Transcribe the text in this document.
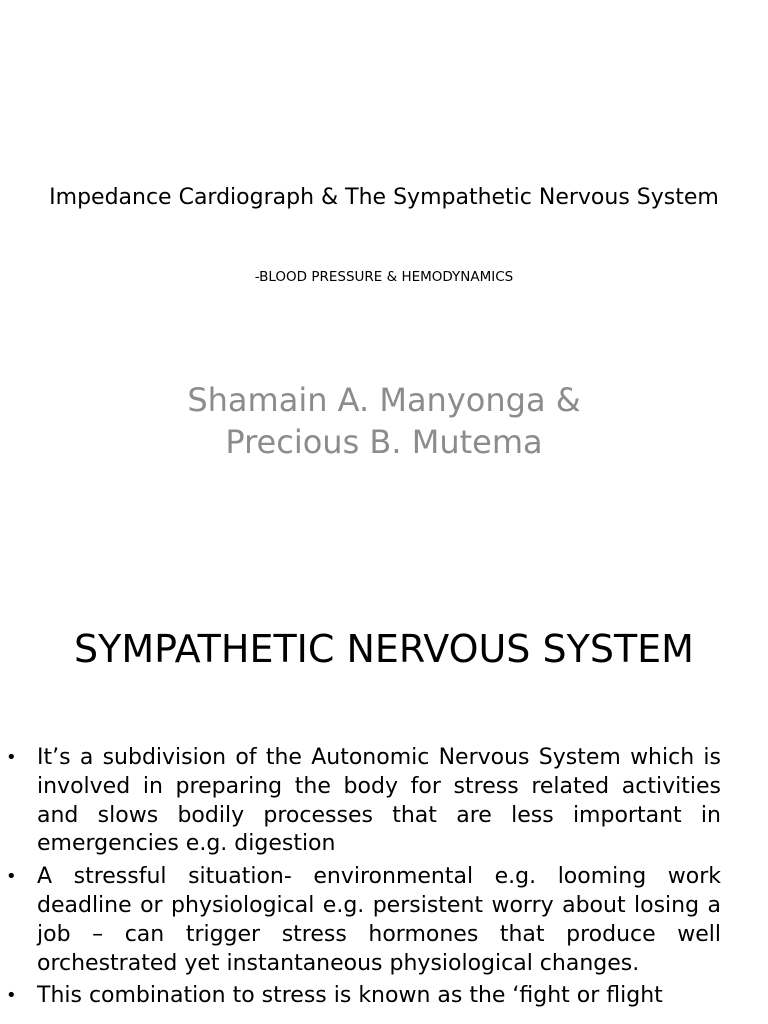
Impedance Cardiograph & The Sympathetic Nervous System
-BLOOD PRESSURE & HEMODYNAMICS
Shamain A. Manyonga &
Precious B. Mutema
SYMPATHETIC NERVOUS SYSTEM
• It’s a subdivision of the Autonomic Nervous System which is involved in preparing the body for stress related activities and slows bodily processes that are less important in emergencies e.g. digestion
• A stressful situation- environmental e.g. looming work deadline or physiological e.g. persistent worry about losing a job – can trigger stress hormones that produce well orchestrated yet instantaneous physiological changes.
• This combination to stress is known as the ‘fight or flight
